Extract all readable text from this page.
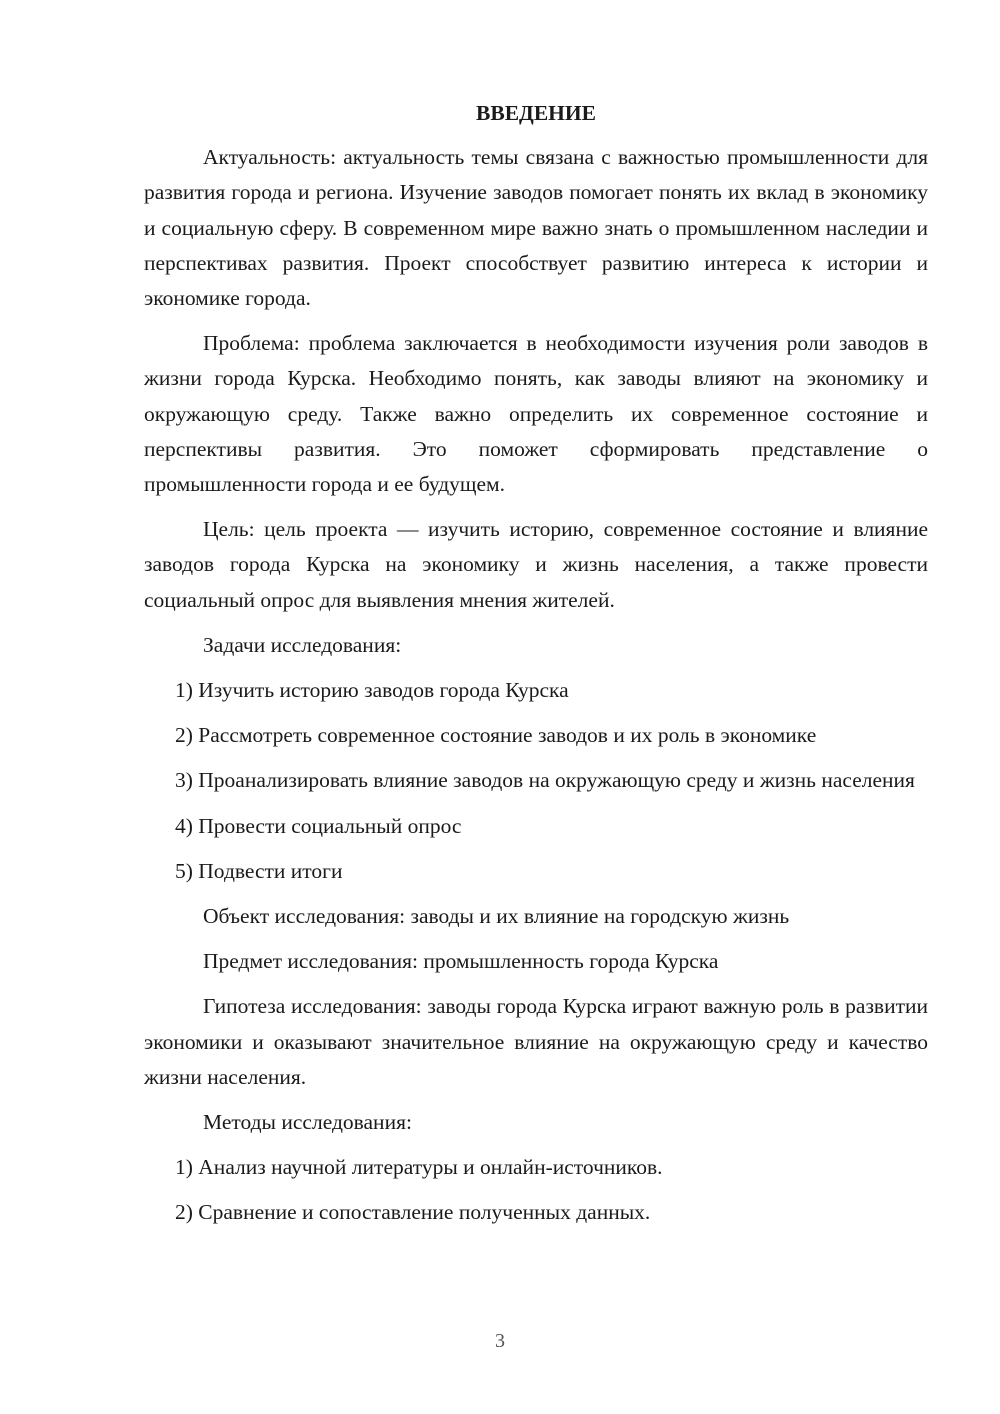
ВВЕДЕНИЕ

Актуальность: актуальность темы связана с важностью промышленности для развития города и региона. Изучение заводов помогает понять их вклад в экономику и социальную сферу. В современном мире важно знать о промышленном наследии и перспективах развития. Проект способствует развитию интереса к истории и экономике города.

Проблема: проблема заключается в необходимости изучения роли заводов в жизни города Курска. Необходимо понять, как заводы влияют на экономику и окружающую среду. Также важно определить их современное состояние и перспективы развития. Это поможет сформировать представление о промышленности города и ее будущем.

Цель: цель проекта — изучить историю, современное состояние и влияние заводов города Курска на экономику и жизнь населения, а также провести социальный опрос для выявления мнения жителей.

Задачи исследования:

1) Изучить историю заводов города Курска

2) Рассмотреть современное состояние заводов и их роль в экономике

3) Проанализировать влияние заводов на окружающую среду и жизнь населения

4) Провести социальный опрос

5) Подвести итоги

Объект исследования: заводы и их влияние на городскую жизнь

Предмет исследования: промышленность города Курска

Гипотеза исследования: заводы города Курска играют важную роль в развитии экономики и оказывают значительное влияние на окружающую среду и качество жизни населения.

Методы исследования:

1) Анализ научной литературы и онлайн-источников.

2) Сравнение и сопоставление полученных данных.

3
